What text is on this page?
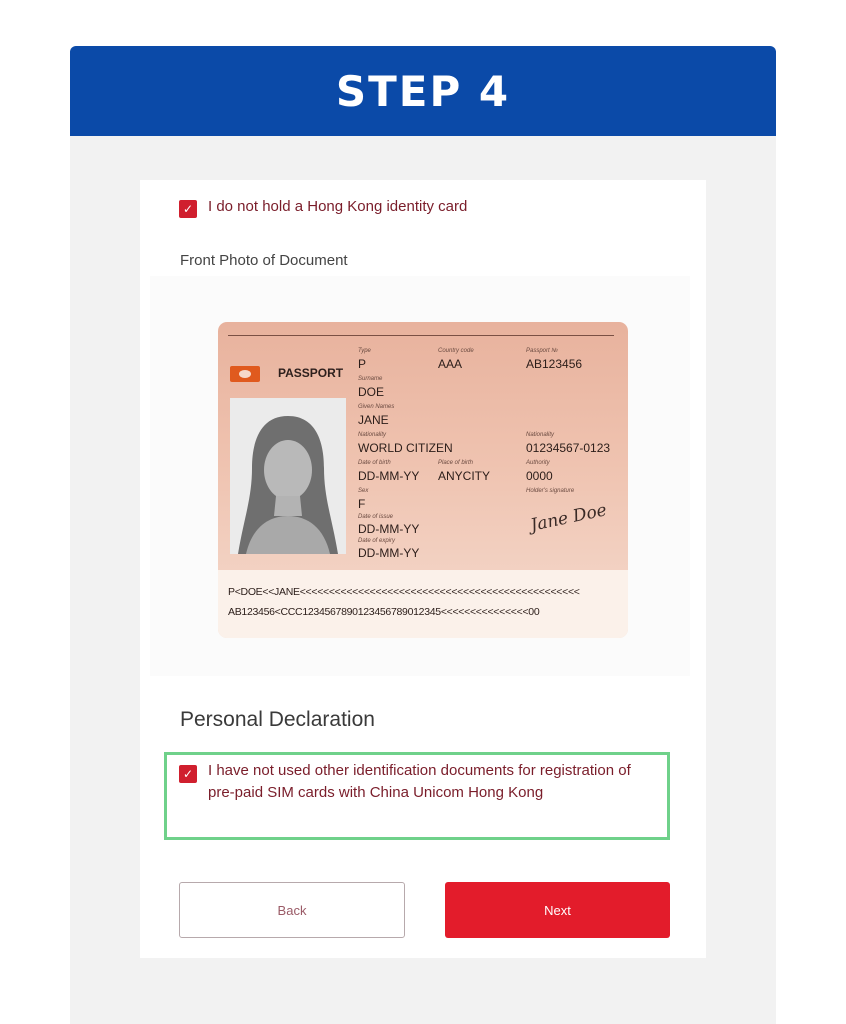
STEP 4
✓ I do not hold a Hong Kong identity card
Front Photo of Document
PASSPORT
Type
P
Country code
AAA
Passport №
AB123456
Surname
DOE
Given Names
JANE
Nationality
WORLD CITIZEN
Nationality
01234567-0123
Date of birth
DD-MM-YY
Place of birth
ANYCITY
Authority
0000
Sex
F
Holder's signature
Jane Doe
Date of issue
DD-MM-YY
Date of expiry
DD-MM-YY
P<DOE<<JANE<<<<<<<<<<<<<<<<<<<<<<<<<<<<<<<<<<<<<<<<<<<<<<<<
AB123456<CCC1234567890123456789012345<<<<<<<<<<<<<<<00
Personal Declaration
✓ I have not used other identification documents for registration of pre-paid SIM cards with China Unicom Hong Kong
Back	Next
